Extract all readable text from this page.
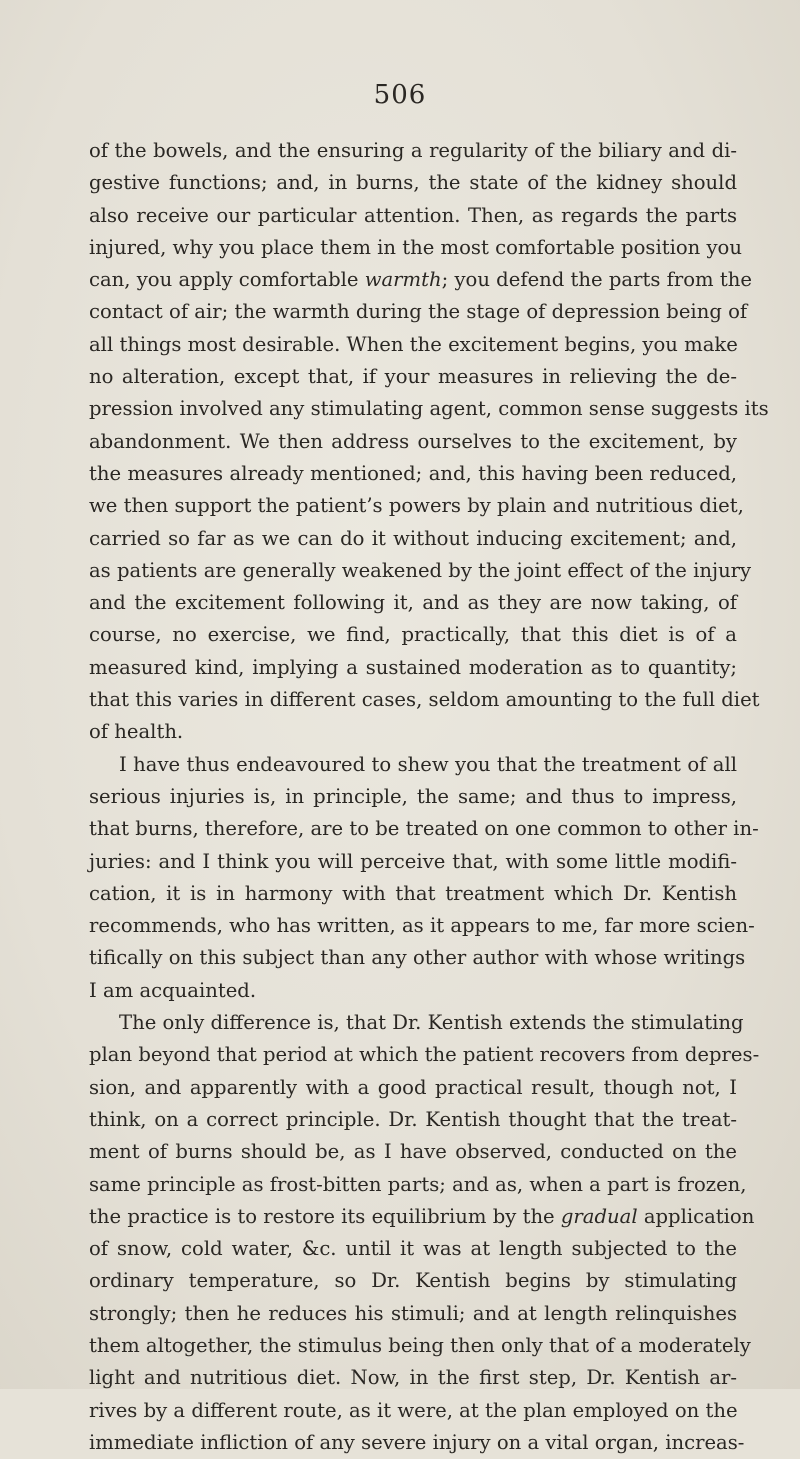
506
of the bowels, and the ensuring a regularity of the biliary and di-
gestive functions; and, in burns, the state of the kidney should
also receive our particular attention. Then, as regards the parts
injured, why you place them in the most comfortable position you
can, you apply comfortable warmth; you defend the parts from the
contact of air; the warmth during the stage of depression being of
all things most desirable. When the excitement begins, you make
no alteration, except that, if your measures in relieving the de-
pression involved any stimulating agent, common sense suggests its
abandonment. We then address ourselves to the excitement, by
the measures already mentioned; and, this having been reduced,
we then support the patient’s powers by plain and nutritious diet,
carried so far as we can do it without inducing excitement; and,
as patients are generally weakened by the joint effect of the injury
and the excitement following it, and as they are now taking, of
course, no exercise, we find, practically, that this diet is of a
measured kind, implying a sustained moderation as to quantity;
that this varies in different cases, seldom amounting to the full diet
of health.
I have thus endeavoured to shew you that the treatment of all
serious injuries is, in principle, the same; and thus to impress,
that burns, therefore, are to be treated on one common to other in-
juries: and I think you will perceive that, with some little modifi-
cation, it is in harmony with that treatment which Dr. Kentish
recommends, who has written, as it appears to me, far more scien-
tifically on this subject than any other author with whose writings
I am acquainted.
The only difference is, that Dr. Kentish extends the stimulating
plan beyond that period at which the patient recovers from depres-
sion, and apparently with a good practical result, though not, I
think, on a correct principle. Dr. Kentish thought that the treat-
ment of burns should be, as I have observed, conducted on the
same principle as frost-bitten parts; and as, when a part is frozen,
the practice is to restore its equilibrium by the gradual application
of snow, cold water, &c. until it was at length subjected to the
ordinary temperature, so Dr. Kentish begins by stimulating
strongly; then he reduces his stimuli; and at length relinquishes
them altogether, the stimulus being then only that of a moderately
light and nutritious diet. Now, in the first step, Dr. Kentish ar-
rives by a different route, as it were, at the plan employed on the
immediate infliction of any severe injury on a vital organ, increas-
